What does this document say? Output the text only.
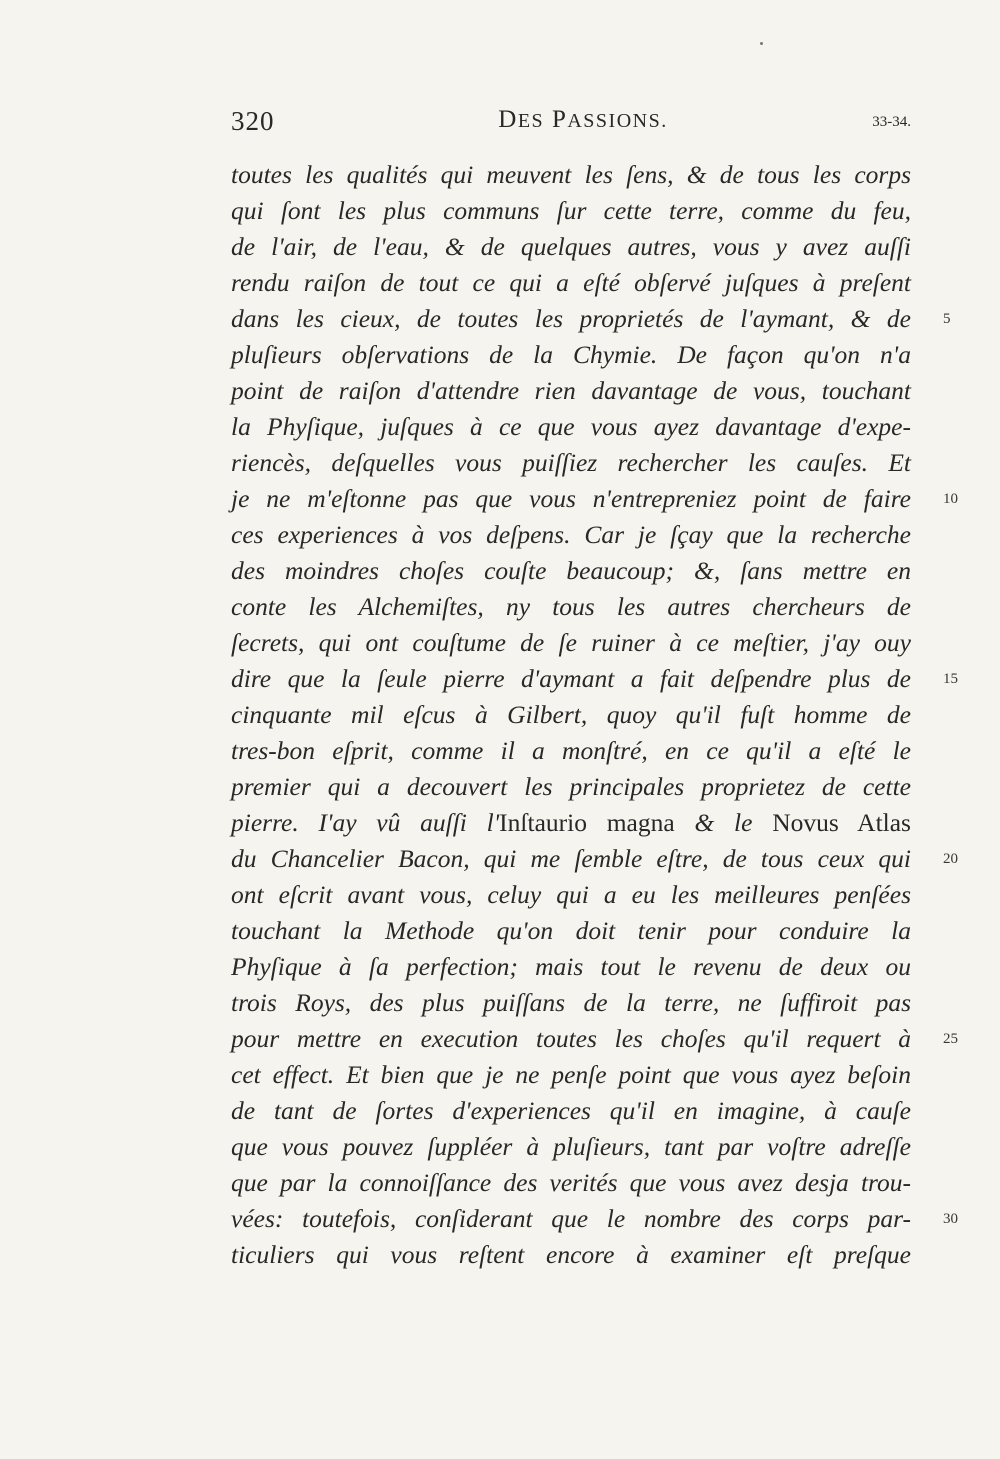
320	DES PASSIONS.	33-34.
toutes les qualités qui meuvent les ſens, & de tous les corps
qui ſont les plus communs ſur cette terre, comme du feu,
de l'air, de l'eau, & de quelques autres, vous y avez auſſi
rendu raiſon de tout ce qui a eſté obſervé juſques à preſent
dans les cieux, de toutes les proprietés de l'aymant, & de 5
pluſieurs obſervations de la Chymie. De façon qu'on n'a
point de raiſon d'attendre rien davantage de vous, touchant
la Phyſique, juſques à ce que vous ayez davantage d'expe-
riencès, deſquelles vous puiſſiez rechercher les cauſes. Et
je ne m'eſtonne pas que vous n'entrepreniez point de faire 10
ces experiences à vos deſpens. Car je ſçay que la recherche
des moindres choſes couſte beaucoup; &, ſans mettre en
conte les Alchemiſtes, ny tous les autres chercheurs de
ſecrets, qui ont couſtume de ſe ruiner à ce meſtier, j'ay ouy
dire que la ſeule pierre d'aymant a fait deſpendre plus de 15
cinquante mil eſcus à Gilbert, quoy qu'il fuſt homme de
tres-bon eſprit, comme il a monſtré, en ce qu'il a eſté le
premier qui a decouvert les principales proprietez de cette
pierre. I'ay vû auſſi l'Inſtaurio magna & le Novus Atlas
du Chancelier Bacon, qui me ſemble eſtre, de tous ceux qui 20
ont eſcrit avant vous, celuy qui a eu les meilleures penſées
touchant la Methode qu'on doit tenir pour conduire la
Phyſique à ſa perfection; mais tout le revenu de deux ou
trois Roys, des plus puiſſans de la terre, ne ſuffiroit pas
pour mettre en execution toutes les choſes qu'il requert à 25
cet effect. Et bien que je ne penſe point que vous ayez beſoin
de tant de ſortes d'experiences qu'il en imagine, à cauſe
que vous pouvez ſuppléer à pluſieurs, tant par voſtre adreſſe
que par la connoiſſance des verités que vous avez desja trou-
vées: toutefois, conſiderant que le nombre des corps par- 30
ticuliers qui vous reſtent encore à examiner eſt preſque
